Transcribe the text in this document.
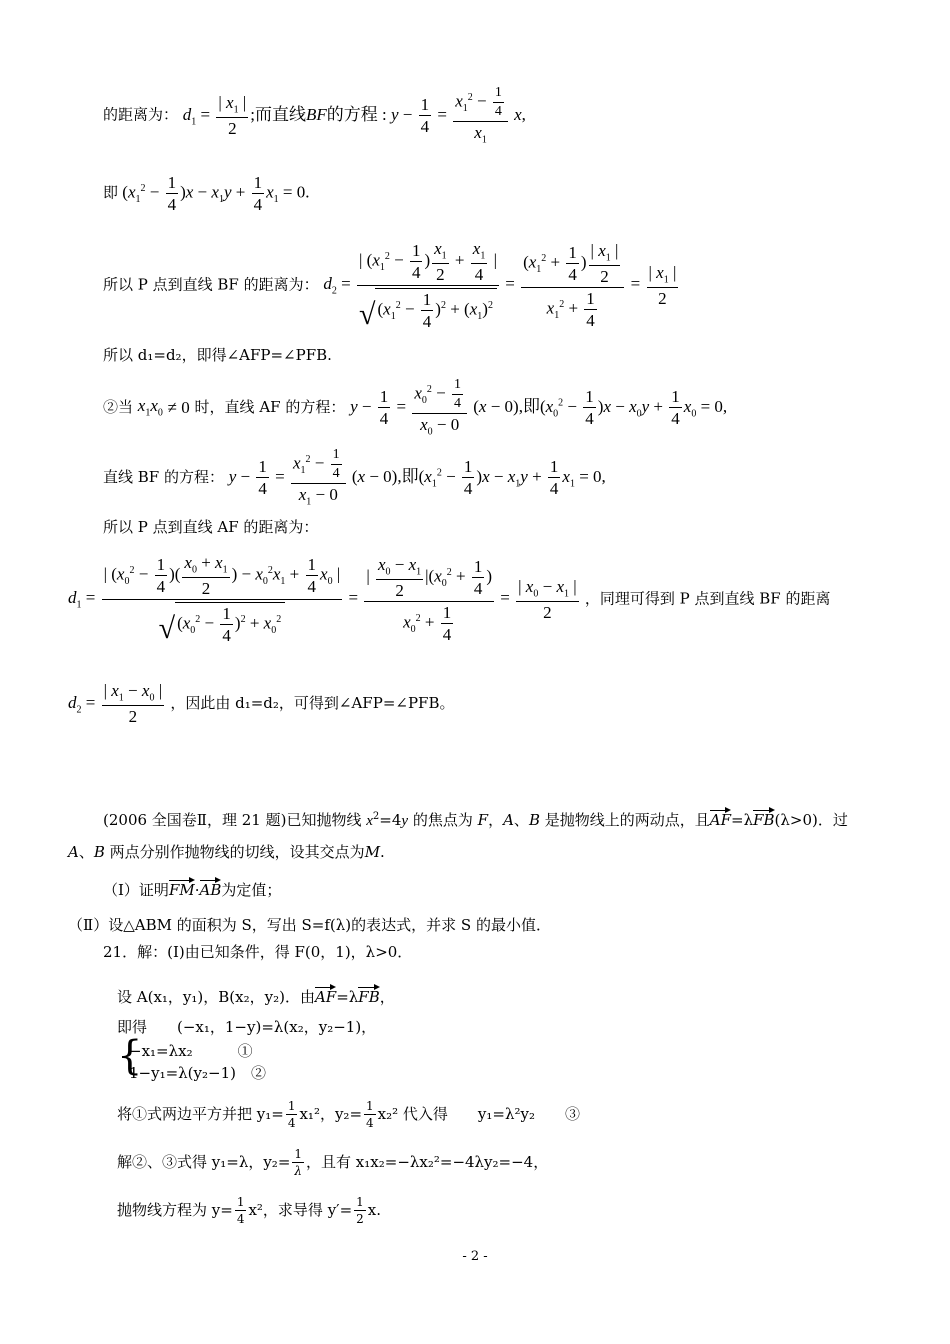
的距离为： $d_1 = \frac{| x_1 |}{2}$ ;而直线BF的方程 : $y - \frac{1}{4} = \frac{x_1^2 - \frac{1}{4}}{x_1} x$,
即 $(x_1^2 - \frac{1}{4} )x - x_1y + \frac{1}{4} x_1 = 0$.
所以 P 点到直线 BF 的距离为： $d_2 = \frac{| (x_1^2 - \frac{1}{4} ) \frac{x_1}{2} + \frac{x_1}{4} |}{√ (x_1^2 - \frac{1}{4} )^2 + (x_1)^2} = \frac{(x_1^2 + \frac{1}{4} ) \frac{| x_1 |}{2}}{x_1^2 + \frac{1}{4}} = \frac{| x_1 |}{2}$
所以 d₁=d₂，即得∠AFP=∠PFB.
②当 $x_1x_0 \ne 0$ 时，直线 AF 的方程： $y - \frac{1}{4} = \frac{x_0^2 - \frac{1}{4}}{x_0 - 0} (x - 0)$,即$(x_0^2 - \frac{1}{4} )x - x_0y + \frac{1}{4} x_0 = 0$,
直线 BF 的方程： $y - \frac{1}{4} = \frac{x_1^2 - \frac{1}{4}}{x_1 - 0} (x - 0)$,即$(x_1^2 - \frac{1}{4} )x - x_1y + \frac{1}{4} x_1 = 0$,
所以 P 点到直线 AF 的距离为：
$d_1 = \frac{| (x_0^2 - \frac{1}{4} )( \frac{x_0 + x_1}{2} ) - x_0^2x_1 + \frac{1}{4} x_0 |}{√ (x_0^2 - \frac{1}{4} )^2 + x_0^2} = \frac{| \frac{x_0 - x_1}{2} |(x_0^2 + \frac{1}{4} )}{x_0^2 + \frac{1}{4}} = \frac{| x_0 - x_1 |}{2}$ ，同理可得到 P 点到直线 BF 的距离
$d_2 = \frac{| x_1 - x_0 |}{2}$ ，因此由 d₁=d₂，可得到∠AFP=∠PFB。
(2006 全国卷Ⅱ，理 21 题)已知抛物线 $x^2=4y$ 的焦点为 F，A、B 是抛物线上的两动点，且AF=λFB(λ>0)．过
A、B 两点分别作抛物线的切线，设其交点为M.
（Ⅰ）证明FM·AB为定值；
（Ⅱ）设△ABM 的面积为 S，写出 S=f(λ)的表达式，并求 S 的最小值．
21．解：(Ⅰ)由已知条件，得 F(0，1)，λ>0．
设 A(x₁，y₁)，B(x₂，y₂)．由AF=λFB，
即得　　(−x₁，1−y)=λ(x₂，y₂−1)，
{
−x₁=λx₂　　　①
1−y₁=λ(y₂−1)　②
将①式两边平方并把 $y_1= \frac{1}{4} x_1^2$，$y_2= \frac{1}{4} x_2^2$ 代入得　　y₁=λ²y₂　　③
解②、③式得 y₁=λ，$y_2= \frac{1}{\lambda}$ ，且有 x₁x₂=−λx₂²=−4λy₂=−4，
抛物线方程为 $y= \frac{1}{4} x^2$，求导得 $y'= \frac{1}{2} x$.
- 2 -
